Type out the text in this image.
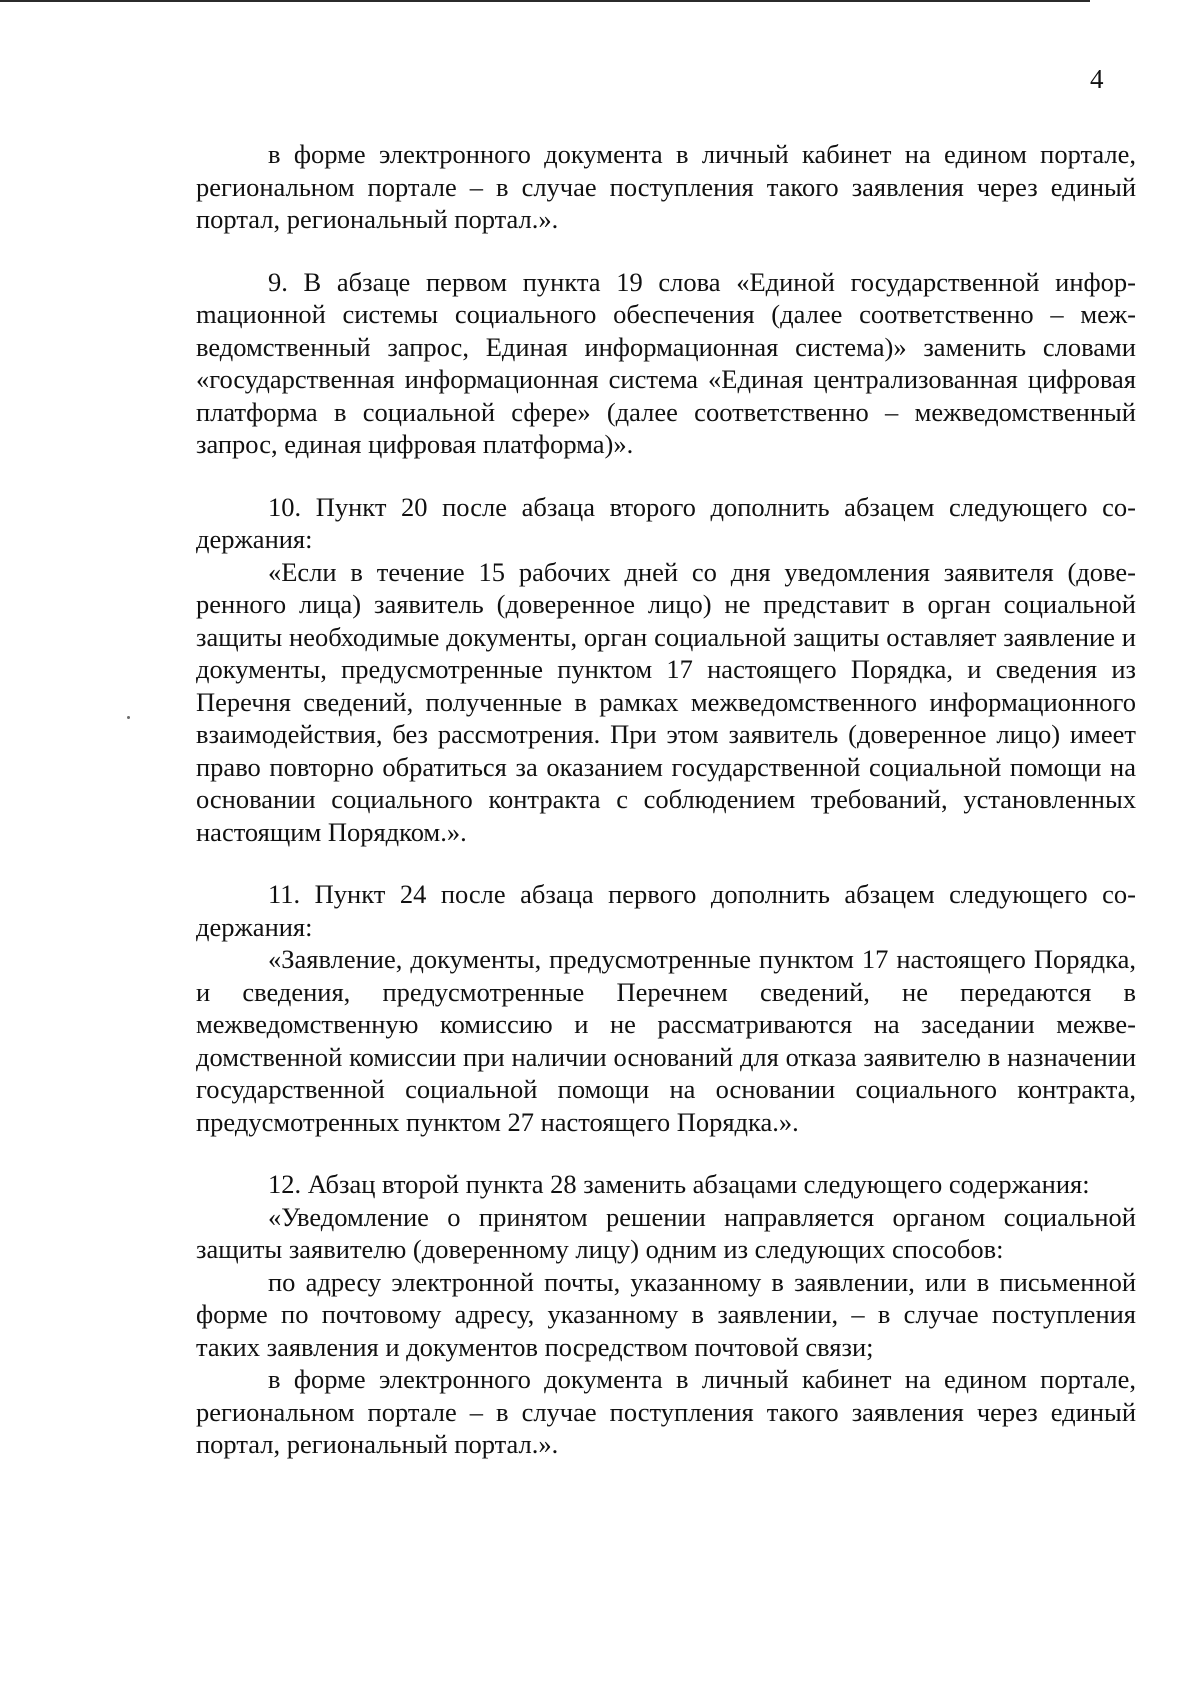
4

в форме электронного документа в личный кабинет на едином портале, региональном портале – в случае поступления такого заявления через единый портал, региональный портал.».

9. В абзаце первом пункта 19 слова «Единой государственной инфорmационной системы социального обеспечения (далее соответственно – межведомственный запрос, Единая информационная система)» заменить словами «государственная информационная система «Единая централизованная цифровая платформа в социальной сфере» (далее соответственно – межведомственный запрос, единая цифровая платформа)».

10. Пункт 20 после абзаца второго дополнить абзацем следующего содержания:

«Если в течение 15 рабочих дней со дня уведомления заявителя (доверенного лица) заявитель (доверенное лицо) не представит в орган социальной защиты необходимые документы, орган социальной защиты оставляет заявление и документы, предусмотренные пунктом 17 настоящего Порядка, и сведения из Перечня сведений, полученные в рамках межведомственного информационного взаимодействия, без рассмотрения. При этом заявитель (доверенное лицо) имеет право повторно обратиться за оказанием государственной социальной помощи на основании социального контракта с соблюдением требований, установленных настоящим Порядком.».

11. Пункт 24 после абзаца первого дополнить абзацем следующего содержания:

«Заявление, документы, предусмотренные пунктом 17 настоящего Порядка, и сведения, предусмотренные Перечнем сведений, не передаются в межведомственную комиссию и не рассматриваются на заседании межведомственной комиссии при наличии оснований для отказа заявителю в назначении государственной социальной помощи на основании социального контракта, предусмотренных пунктом 27 настоящего Порядка.».

12. Абзац второй пункта 28 заменить абзацами следующего содержания:

«Уведомление о принятом решении направляется органом социальной защиты заявителю (доверенному лицу) одним из следующих способов:

по адресу электронной почты, указанному в заявлении, или в письменной форме по почтовому адресу, указанному в заявлении, – в случае поступления таких заявления и документов посредством почтовой связи;

в форме электронного документа в личный кабинет на едином портале, региональном портале – в случае поступления такого заявления через единый портал, региональный портал.».
